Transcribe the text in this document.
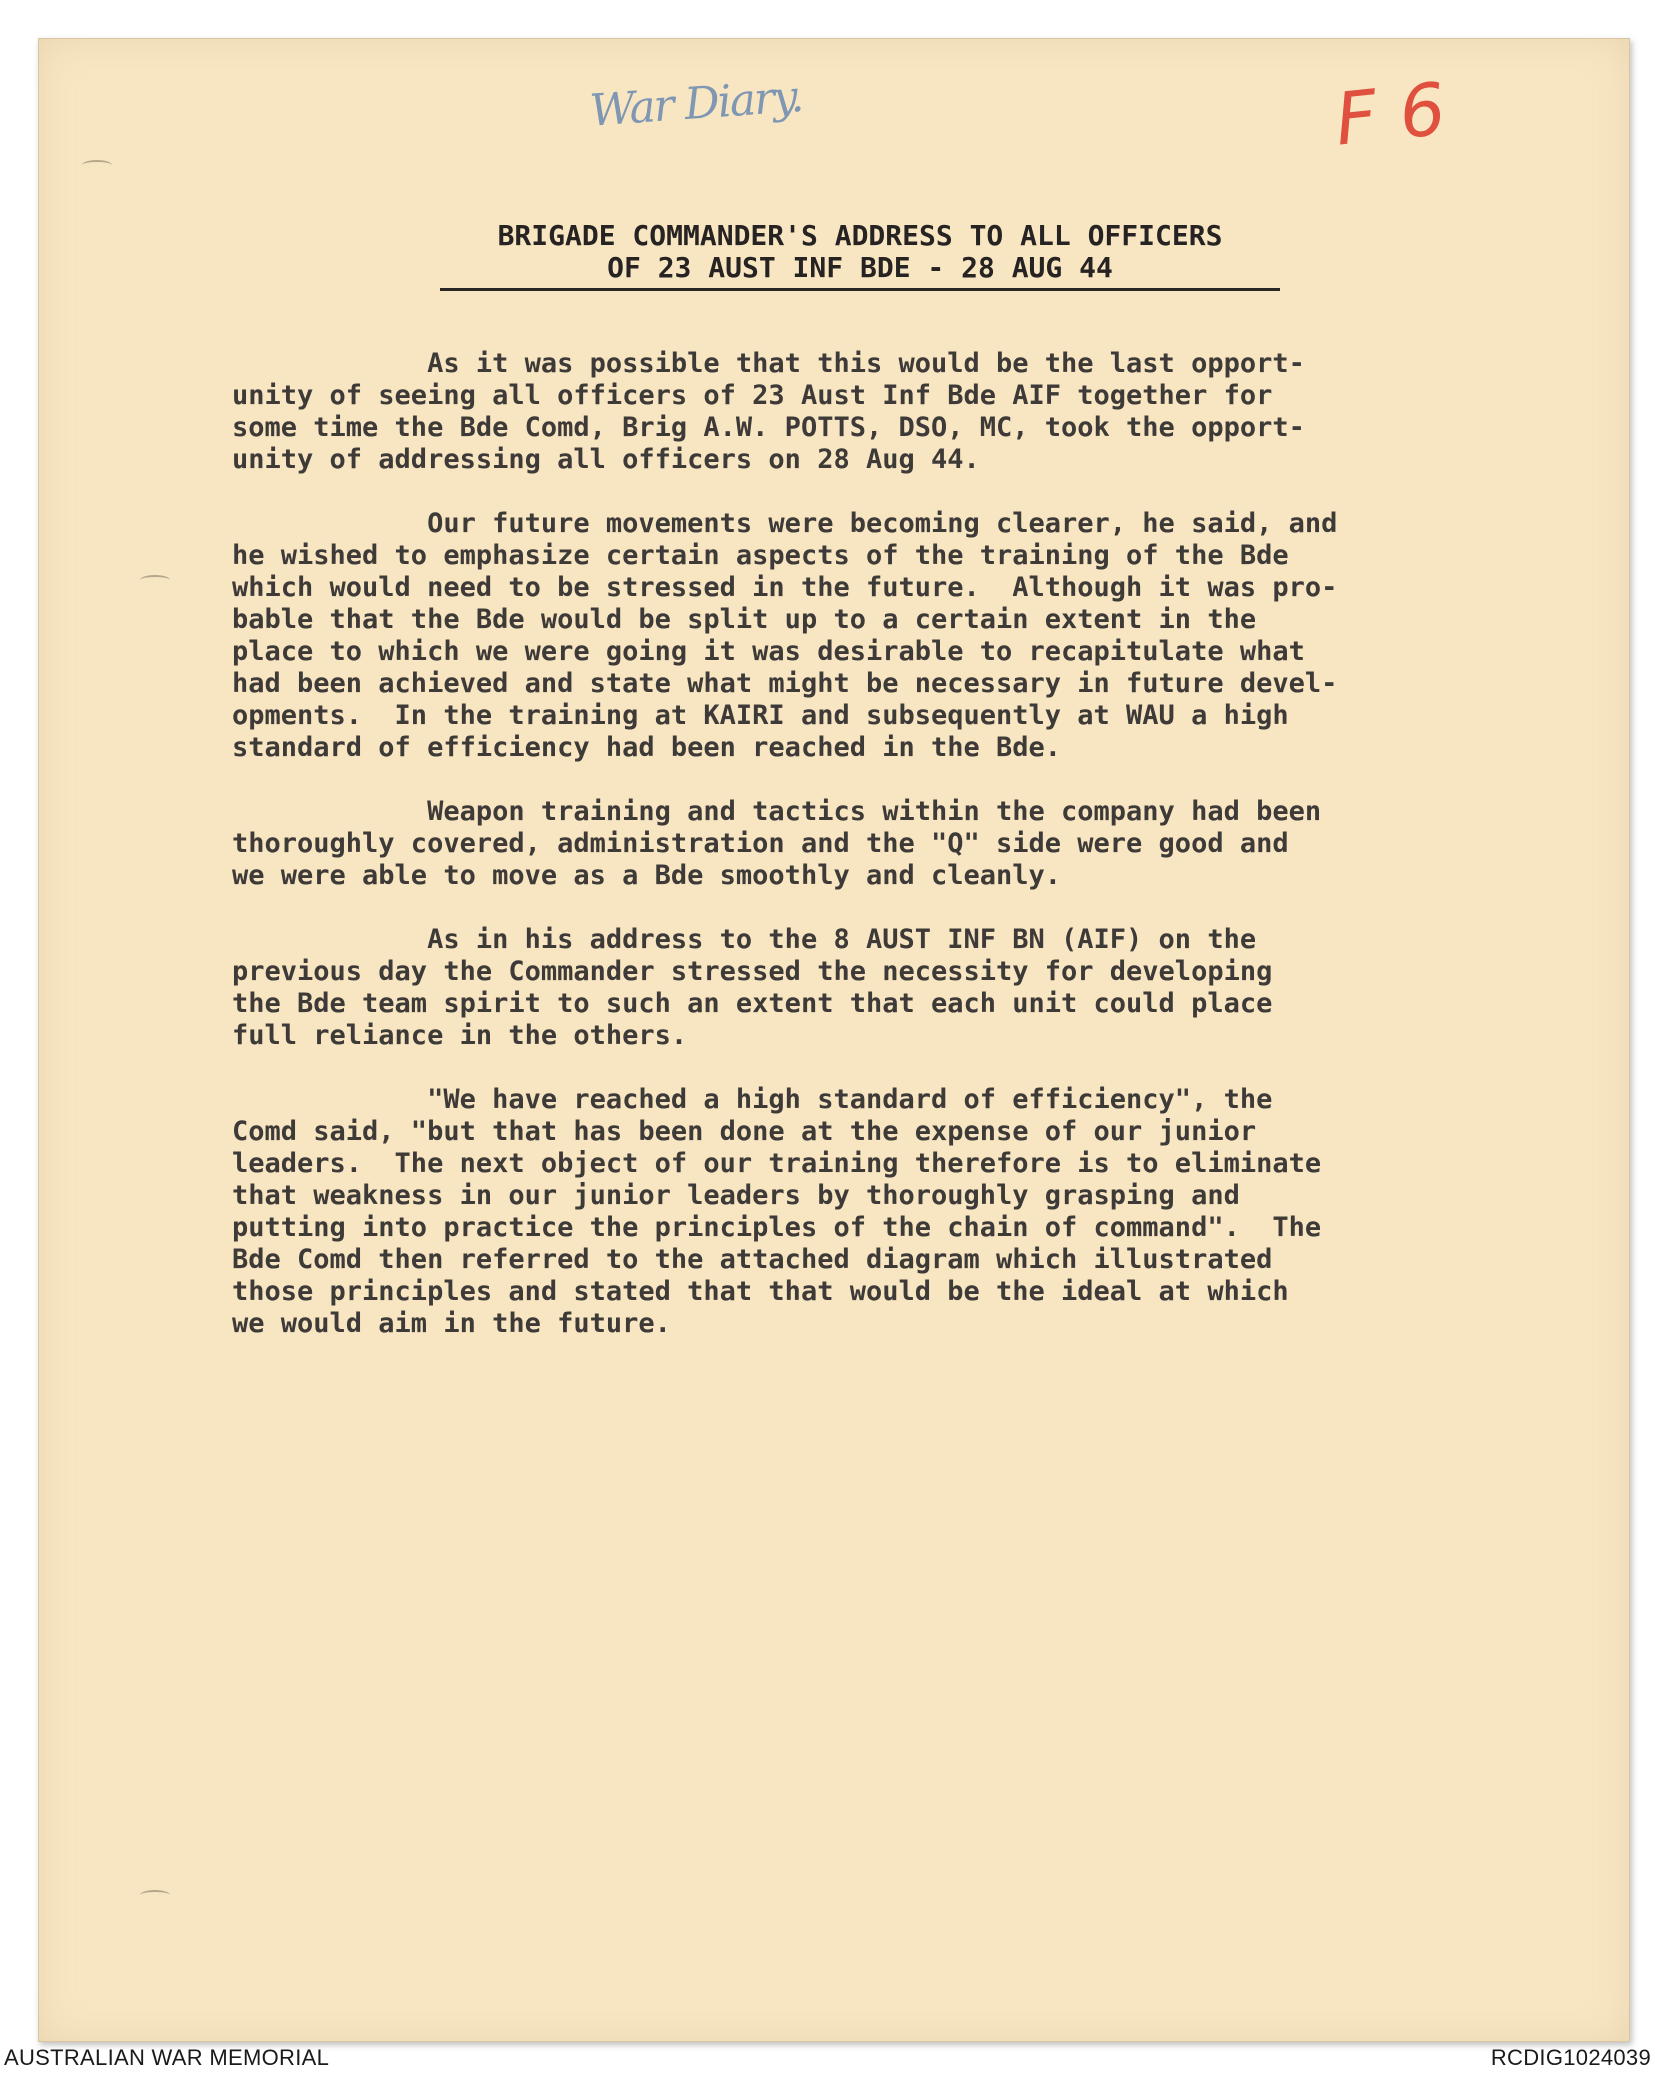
War Diary.	F 6
BRIGADE COMMANDER'S ADDRESS TO ALL OFFICERS
OF 23 AUST INF BDE - 28 AUG 44

As it was possible that this would be the last opport-
unity of seeing all officers of 23 Aust Inf Bde AIF together for
some time the Bde Comd, Brig A.W. POTTS, DSO, MC, took the opport-
unity of addressing all officers on 28 Aug 44.

Our future movements were becoming clearer, he said, and
he wished to emphasize certain aspects of the training of the Bde
which would need to be stressed in the future.  Although it was pro-
bable that the Bde would be split up to a certain extent in the
place to which we were going it was desirable to recapitulate what
had been achieved and state what might be necessary in future devel-
opments.  In the training at KAIRI and subsequently at WAU a high
standard of efficiency had been reached in the Bde.

Weapon training and tactics within the company had been
thoroughly covered, administration and the "Q" side were good and
we were able to move as a Bde smoothly and cleanly.

As in his address to the 8 AUST INF BN (AIF) on the
previous day the Commander stressed the necessity for developing
the Bde team spirit to such an extent that each unit could place
full reliance in the others.

"We have reached a high standard of efficiency", the
Comd said, "but that has been done at the expense of our junior
leaders.  The next object of our training therefore is to eliminate
that weakness in our junior leaders by thoroughly grasping and
putting into practice the principles of the chain of command".  The
Bde Comd then referred to the attached diagram which illustrated
those principles and stated that that would be the ideal at which
we would aim in the future.

AUSTRALIAN WAR MEMORIAL	RCDIG1024039
